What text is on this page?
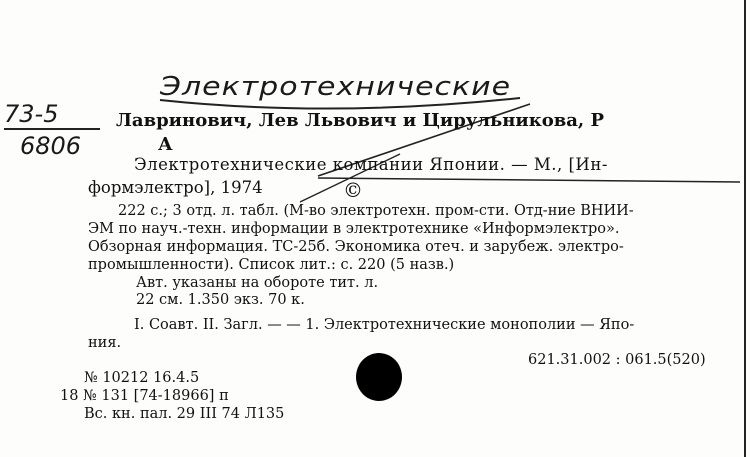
Электротехнические
73-5
6806
Лавринович, Лев Львович и Цирульникова, Р
А
Электротехнические компании Японии. — М., [Ин-
формэлектро], 1974	©
222 с.; 3 отд. л. табл. (М-во электротехн. пром-сти. Отд-ние ВНИИ-
ЭМ по науч.-техн. информации в электротехнике «Информэлектро».
Обзорная информация. ТС-25б. Экономика отеч. и зарубеж. электро-
промышленности). Список лит.: с. 220 (5 назв.)
Авт. указаны на обороте тит. л.
22 см. 1.350 экз. 70 к.
I. Соавт. II. Загл. — — 1. Электротехнические монополии — Япо-
ния.
621.31.002 : 061.5(520)
№ 10212 16.4.5
18 № 131 [74-18966] п
Вс. кн. пал. 29 III 74 Л135
